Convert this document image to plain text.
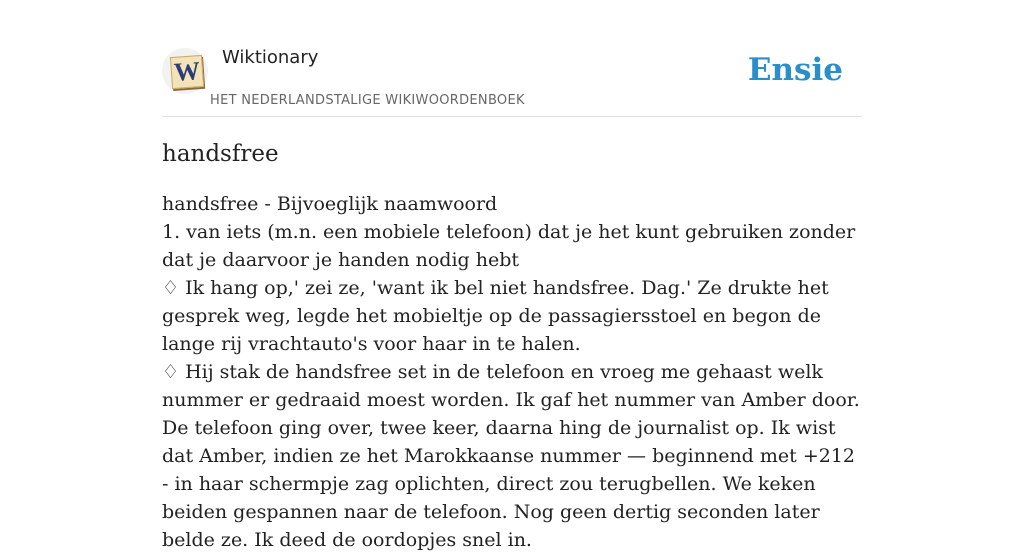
W Wiktionary
HET NEDERLANDSTALIGE WIKIWOORDENBOEK
Ensie
handsfree

handsfree - Bijvoeglijk naamwoord

1. van iets (m.n. een mobiele telefoon) dat je het kunt gebruiken zonder dat je daarvoor je handen nodig hebt

♢ Ik hang op,' zei ze, 'want ik bel niet handsfree. Dag.' Ze drukte het gesprek weg, legde het mobieltje op de passagiersstoel en begon de lange rij vrachtauto's voor haar in te halen.

♢ Hij stak de handsfree set in de telefoon en vroeg me gehaast welk nummer er gedraaid moest worden. Ik gaf het nummer van Amber door. De telefoon ging over, twee keer, daarna hing de journalist op. Ik wist dat Amber, indien ze het Marokkaanse nummer — beginnend met +212 - in haar schermpje zag oplichten, direct zou terugbellen. We keken beiden gespannen naar de telefoon. Nog geen dertig seconden later belde ze. Ik deed de oordopjes snel in.
